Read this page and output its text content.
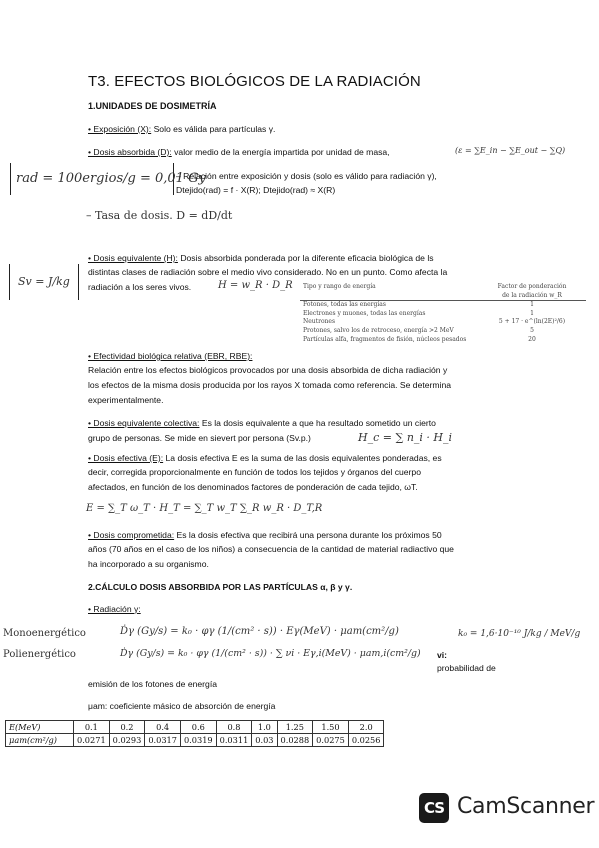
T3. EFECTOS BIOLÓGICOS DE LA RADIACIÓN
1.UNIDADES DE DOSIMETRÍA
• Exposición (X): Solo es válida para partículas γ.
• Dosis absorbida (D): valor medio de la energía impartida por unidad de masa,	(ε = ∑E_in − ∑E_out − ∑Q)
rad = 100ergios/g = 0,01 Gy
– Relación entre exposición y dosis (solo es válido para radiación γ),
Dtejido(rad) = f · X(R); Dtejido(rad) ≈ X(R)
– Tasa de dosis. D = dD/dt
• Dosis equivalente (H): Dosis absorbida ponderada por la diferente eficacia biológica de ls
distintas clases de radiación sobre el medio vivo considerado. No en un punto. Como afecta la
radiación a los seres vivos.	H = w_R · D_R
Sv = J/kg	Tipo y rango de energía	Factor de ponderación
	de la radiación w_R
Fotones, todas las energías	1
Electrones y muones, todas las energías	1
Neutrones	5 + 17 · e^(ln(2E)²/6)
Protones, salvo los de retroceso, energía >2 MeV	5
Partículas alfa, fragmentos de fisión, núcleos pesados	20
• Efectividad biológica relativa (EBR, RBE):
Relación entre los efectos biológicos provocados por una dosis absorbida de dicha radiación y
los efectos de la misma dosis producida por los rayos X tomada como referencia. Se determina
experimentalmente.
• Dosis equivalente colectiva: Es la dosis equivalente a que ha resultado sometido un cierto
grupo de personas. Se mide en sievert por persona (Sv.p.)	H_c = ∑ n_i · H_i
• Dosis efectiva (E): La dosis efectiva E es la suma de las dosis equivalentes ponderadas, es
decir, corregida proporcionalmente en función de todos los tejidos y órganos del cuerpo
afectados, en función de los denominados factores de ponderación de cada tejido, ωT.
E = ∑_T ω_T · H_T = ∑_T w_T ∑_R w_R · D_T,R
• Dosis comprometida: Es la dosis efectiva que recibirá una persona durante los próximos 50
años (70 años en el caso de los niños) a consecuencia de la cantidad de material radiactivo que
ha incorporado a su organismo.
2.CÁLCULO DOSIS ABSORBIDA POR LAS PARTÍCULAS α, β y γ.
• Radiación γ:
Monoenergético	Ḋγ (Gy/s) = k₀ · φγ (1/(cm² · s)) · Eγ(MeV) · μam(cm²/g)
Polienergético	Ḋγ (Gy/s) = k₀ · φγ (1/(cm² · s)) · ∑ νi · Eγ,i(MeV) · μam,i(cm²/g) vi:
k₀ = 1,6·10⁻¹⁰ J/kg / MeV/g
probabilidad de
emisión de los fotones de energía
μam: coeficiente másico de absorción de energía
E(MeV)	0.1	0.2	0.4	0.6	0.8	1.0	1.25	1.50	2.0
μam(cm²/g)	0.0271	0.0293	0.0317	0.0319	0.0311	0.03	0.0288	0.0275	0.0256
CS CamScanner
